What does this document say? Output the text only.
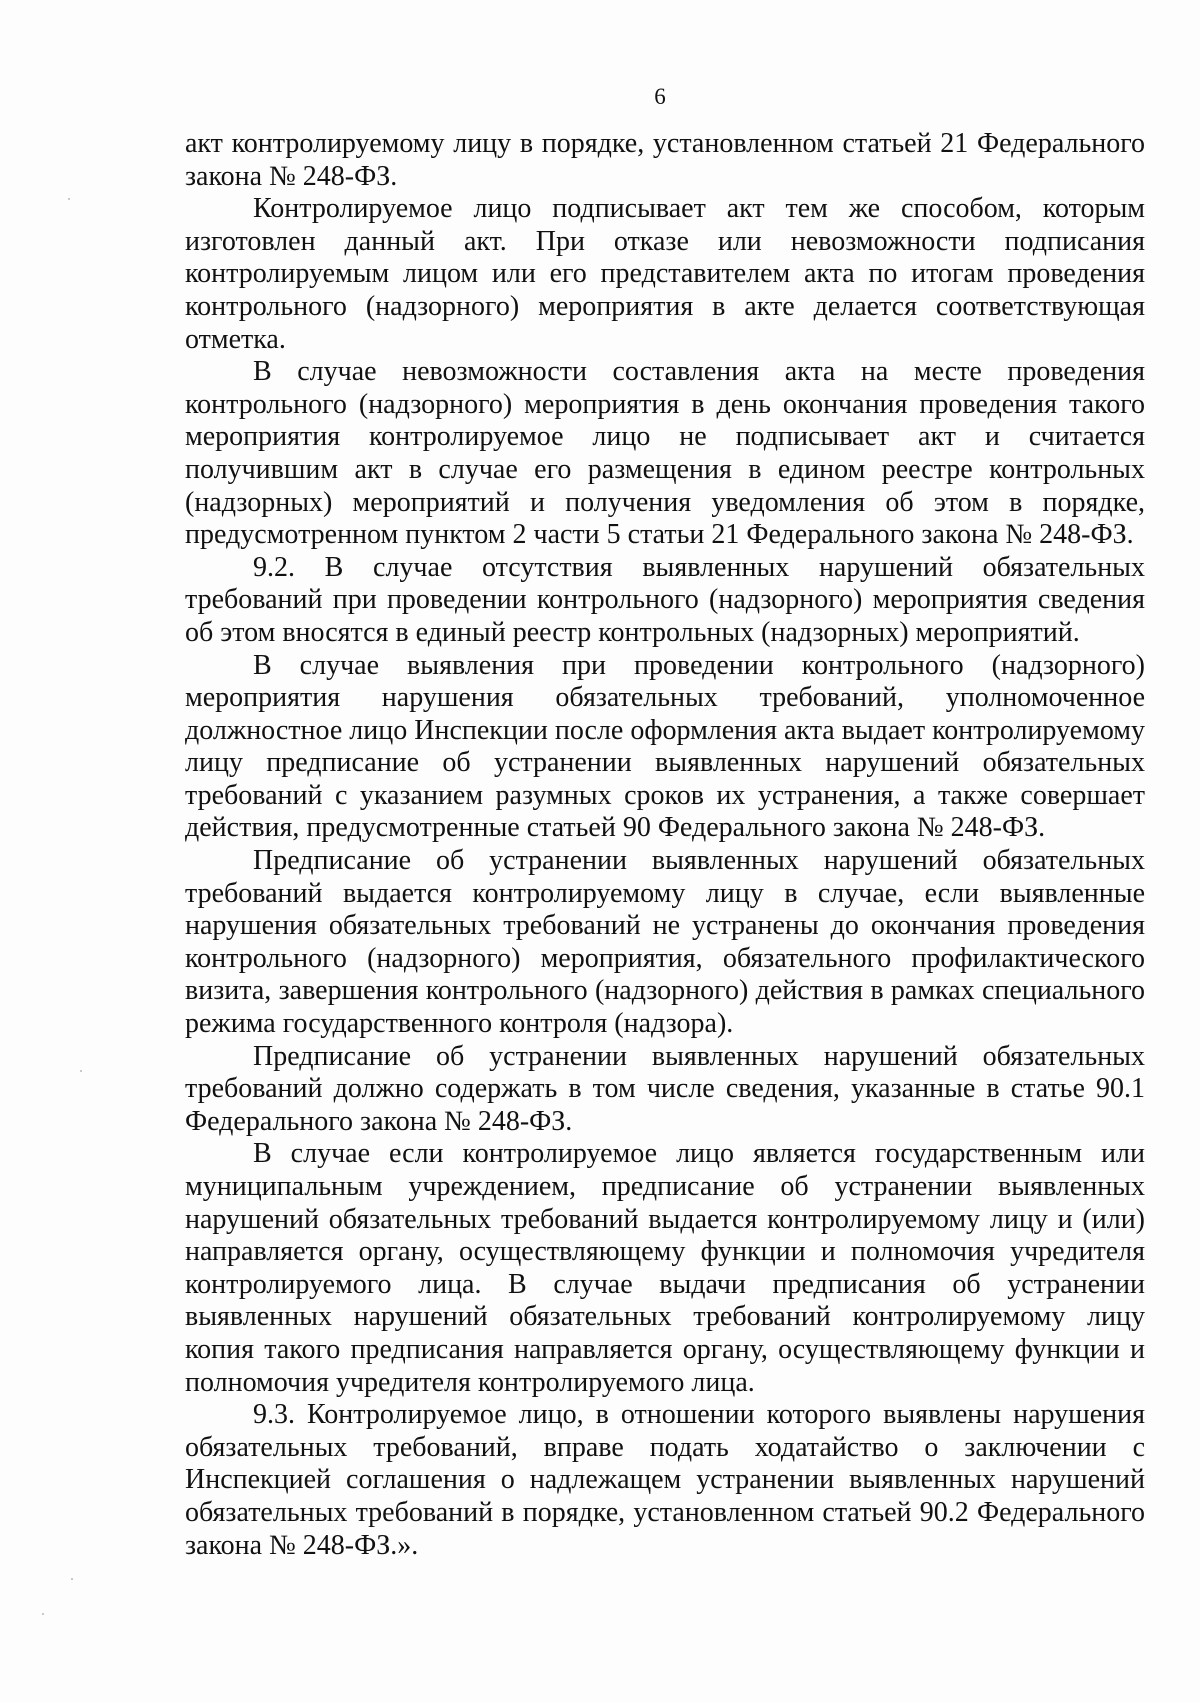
6

акт контролируемому лицу в порядке, установленном статьей 21 Федерального закона № 248-ФЗ.

Контролируемое лицо подписывает акт тем же способом, которым изготовлен данный акт. При отказе или невозможности подписания контролируемым лицом или его представителем акта по итогам проведения контрольного (надзорного) мероприятия в акте делается соответствующая отметка.

В случае невозможности составления акта на месте проведения контрольного (надзорного) мероприятия в день окончания проведения такого мероприятия контролируемое лицо не подписывает акт и считается получившим акт в случае его размещения в едином реестре контрольных (надзорных) мероприятий и получения уведомления об этом в порядке, предусмотренном пунктом 2 части 5 статьи 21 Федерального закона № 248-ФЗ.

9.2. В случае отсутствия выявленных нарушений обязательных требований при проведении контрольного (надзорного) мероприятия сведения об этом вносятся в единый реестр контрольных (надзорных) мероприятий.

В случае выявления при проведении контрольного (надзорного) мероприятия нарушения обязательных требований, уполномоченное должностное лицо Инспекции после оформления акта выдает контролируемому лицу предписание об устранении выявленных нарушений обязательных требований с указанием разумных сроков их устранения, а также совершает действия, предусмотренные статьей 90 Федерального закона № 248-ФЗ.

Предписание об устранении выявленных нарушений обязательных требований выдается контролируемому лицу в случае, если выявленные нарушения обязательных требований не устранены до окончания проведения контрольного (надзорного) мероприятия, обязательного профилактического визита, завершения контрольного (надзорного) действия в рамках специального режима государственного контроля (надзора).

Предписание об устранении выявленных нарушений обязательных требований должно содержать в том числе сведения, указанные в статье 90.1 Федерального закона № 248-ФЗ.

В случае если контролируемое лицо является государственным или муниципальным учреждением, предписание об устранении выявленных нарушений обязательных требований выдается контролируемому лицу и (или) направляется органу, осуществляющему функции и полномочия учредителя контролируемого лица. В случае выдачи предписания об устранении выявленных нарушений обязательных требований контролируемому лицу копия такого предписания направляется органу, осуществляющему функции и полномочия учредителя контролируемого лица.

9.3. Контролируемое лицо, в отношении которого выявлены нарушения обязательных требований, вправе подать ходатайство о заключении с Инспекцией соглашения о надлежащем устранении выявленных нарушений обязательных требований в порядке, установленном статьей 90.2 Федерального закона № 248-ФЗ.».
